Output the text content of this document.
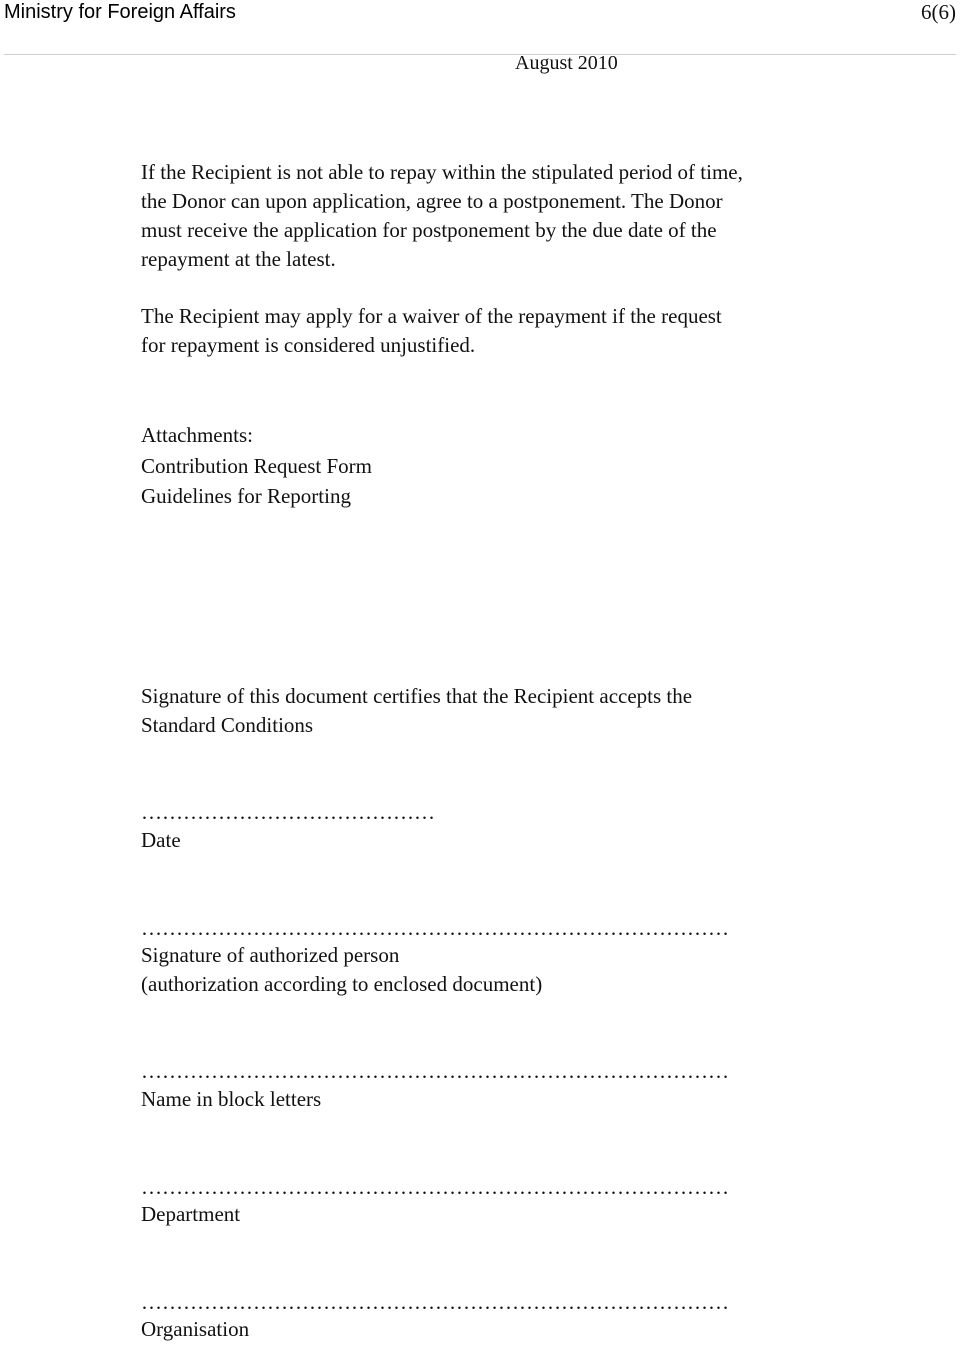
Ministry for Foreign Affairs	6(6)
August 2010
If the Recipient is not able to repay within the stipulated period of time,
the Donor can upon application, agree to a postponement. The Donor
must receive the application for postponement by the due date of the
repayment at the latest.
The Recipient may apply for a waiver of the repayment if the request
for repayment is considered unjustified.
Attachments:
Contribution Request Form
Guidelines for Reporting
Signature of this document certifies that the Recipient accepts the
Standard Conditions
……………………………………
Date
…………………………………………………………………………
Signature of authorized person
(authorization according to enclosed document)
…………………………………………………………………………
Name in block letters
…………………………………………………………………………
Department
…………………………………………………………………………
Organisation
